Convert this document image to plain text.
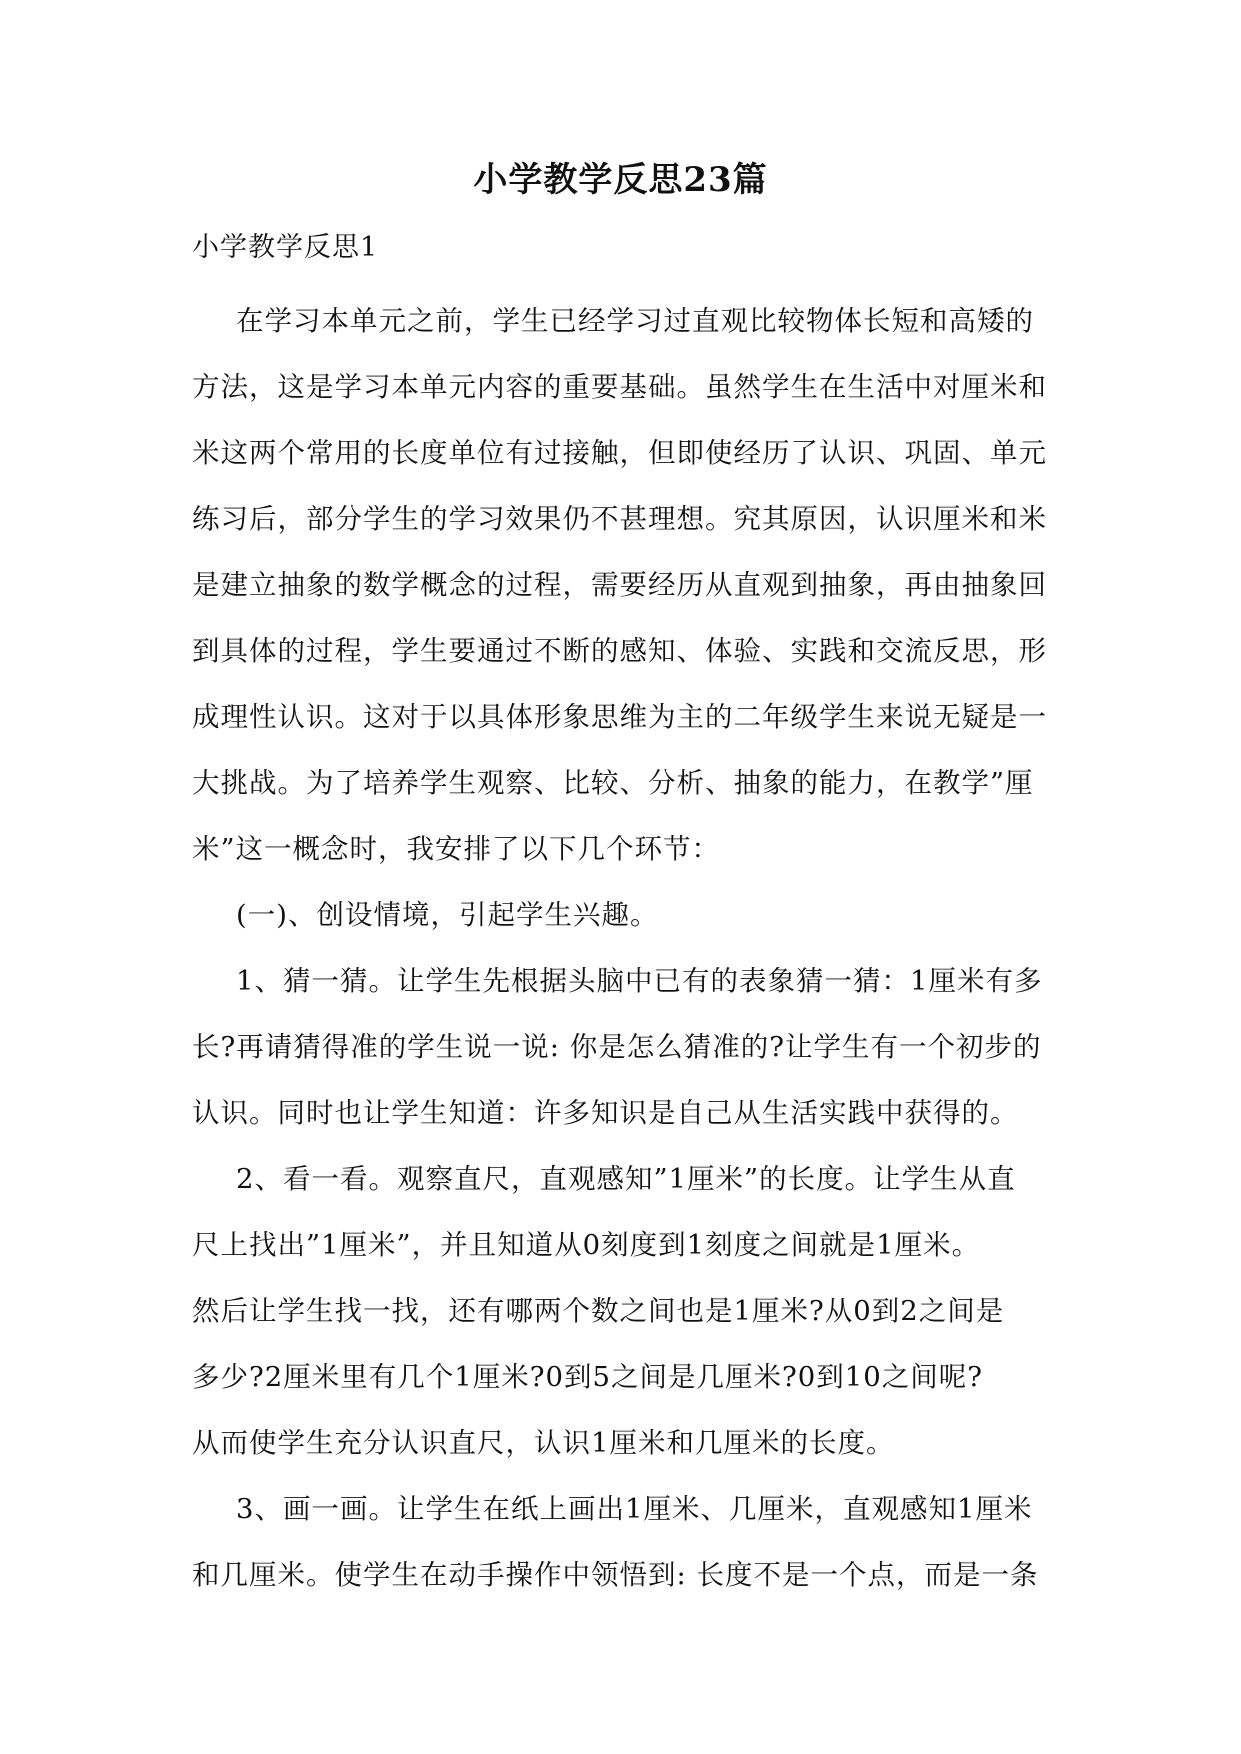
小学教学反思23篇
小学教学反思1

在学习本单元之前，学生已经学习过直观比较物体长短和高矮的
方法，这是学习本单元内容的重要基础。虽然学生在生活中对厘米和
米这两个常用的长度单位有过接触，但即使经历了认识、巩固、单元
练习后，部分学生的学习效果仍不甚理想。究其原因，认识厘米和米
是建立抽象的数学概念的过程，需要经历从直观到抽象，再由抽象回
到具体的过程，学生要通过不断的感知、体验、实践和交流反思，形
成理性认识。这对于以具体形象思维为主的二年级学生来说无疑是一
大挑战。为了培养学生观察、比较、分析、抽象的能力，在教学”厘
米”这一概念时，我安排了以下几个环节：

(一)、创设情境，引起学生兴趣。

1、猜一猜。让学生先根据头脑中已有的表象猜一猜：1厘米有多
长?再请猜得准的学生说一说: 你是怎么猜准的?让学生有一个初步的
认识。同时也让学生知道：许多知识是自己从生活实践中获得的。

2、看一看。观察直尺，直观感知”1厘米”的长度。让学生从直
尺上找出”1厘米”，并且知道从0刻度到1刻度之间就是1厘米。
然后让学生找一找，还有哪两个数之间也是1厘米?从0到2之间是
多少?2厘米里有几个1厘米?0到5之间是几厘米?0到10之间呢?
从而使学生充分认识直尺，认识1厘米和几厘米的长度。

3、画一画。让学生在纸上画出1厘米、几厘米，直观感知1厘米
和几厘米。使学生在动手操作中领悟到: 长度不是一个点，而是一条
